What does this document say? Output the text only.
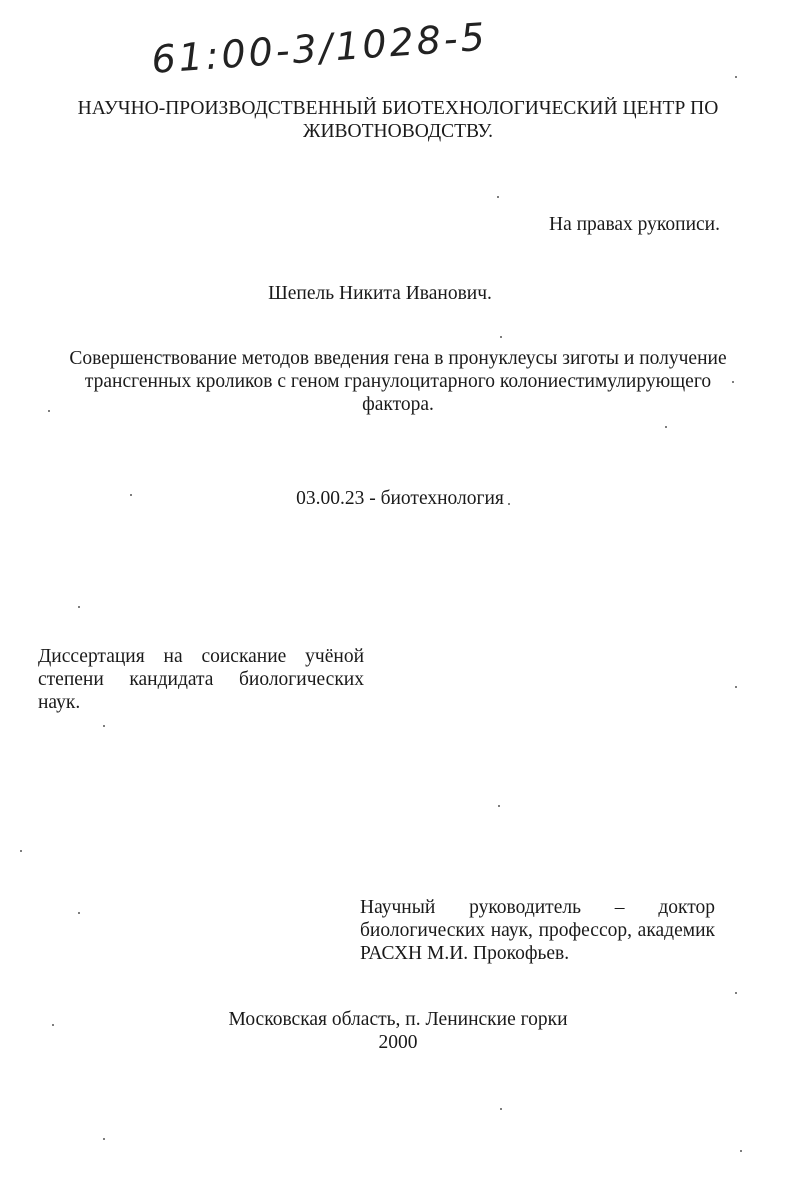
61:00-3/1028-5
НАУЧНО-ПРОИЗВОДСТВЕННЫЙ БИОТЕХНОЛОГИЧЕСКИЙ ЦЕНТР ПО
ЖИВОТНОВОДСТВУ.
На правах рукописи.
Шепель Никита Иванович.
Совершенствование методов введения гена в пронуклеусы зиготы и получение
трансгенных кроликов с геном гранулоцитарного колониестимулирующего
фактора.
03.00.23 - биотехнология
Диссертация на соискание учёной степени кандидата биологических наук.
Научный руководитель – доктор биологических наук, профессор, академик РАСХН М.И. Прокофьев.
Московская область, п. Ленинские горки
2000
